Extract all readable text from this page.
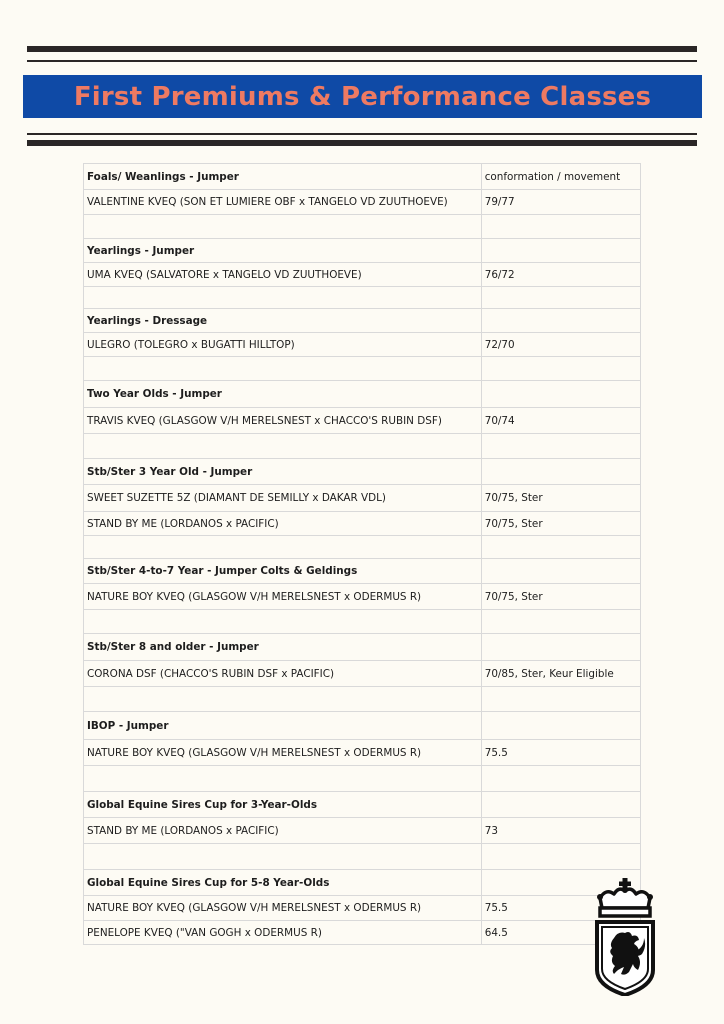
First Premiums & Performance Classes
Foals/ Weanlings - Jumper	conformation / movement
VALENTINE KVEQ (SON ET LUMIERE OBF x TANGELO VD ZUUTHOEVE)	79/77

Yearlings - Jumper	
UMA KVEQ (SALVATORE x TANGELO VD ZUUTHOEVE)	76/72

Yearlings - Dressage	
ULEGRO (TOLEGRO x BUGATTI HILLTOP)	72/70

Two Year Olds - Jumper	
TRAVIS KVEQ (GLASGOW V/H MERELSNEST x CHACCO'S RUBIN DSF)	70/74

Stb/Ster 3 Year Old - Jumper	
SWEET SUZETTE 5Z (DIAMANT DE SEMILLY x DAKAR VDL)	70/75, Ster
STAND BY ME (LORDANOS x PACIFIC)	70/75, Ster

Stb/Ster 4-to-7 Year - Jumper Colts & Geldings	
NATURE BOY KVEQ (GLASGOW V/H MERELSNEST x ODERMUS R)	70/75, Ster

Stb/Ster 8 and older - Jumper	
CORONA DSF (CHACCO'S RUBIN DSF x PACIFIC)	70/85, Ster, Keur Eligible

IBOP - Jumper	
NATURE BOY KVEQ (GLASGOW V/H MERELSNEST x ODERMUS R)	75.5

Global Equine Sires Cup for 3-Year-Olds	
STAND BY ME (LORDANOS x PACIFIC)	73

Global Equine Sires Cup for 5-8 Year-Olds	
NATURE BOY KVEQ (GLASGOW V/H MERELSNEST x ODERMUS R)	75.5
PENELOPE KVEQ ("VAN GOGH x ODERMUS R)	64.5
